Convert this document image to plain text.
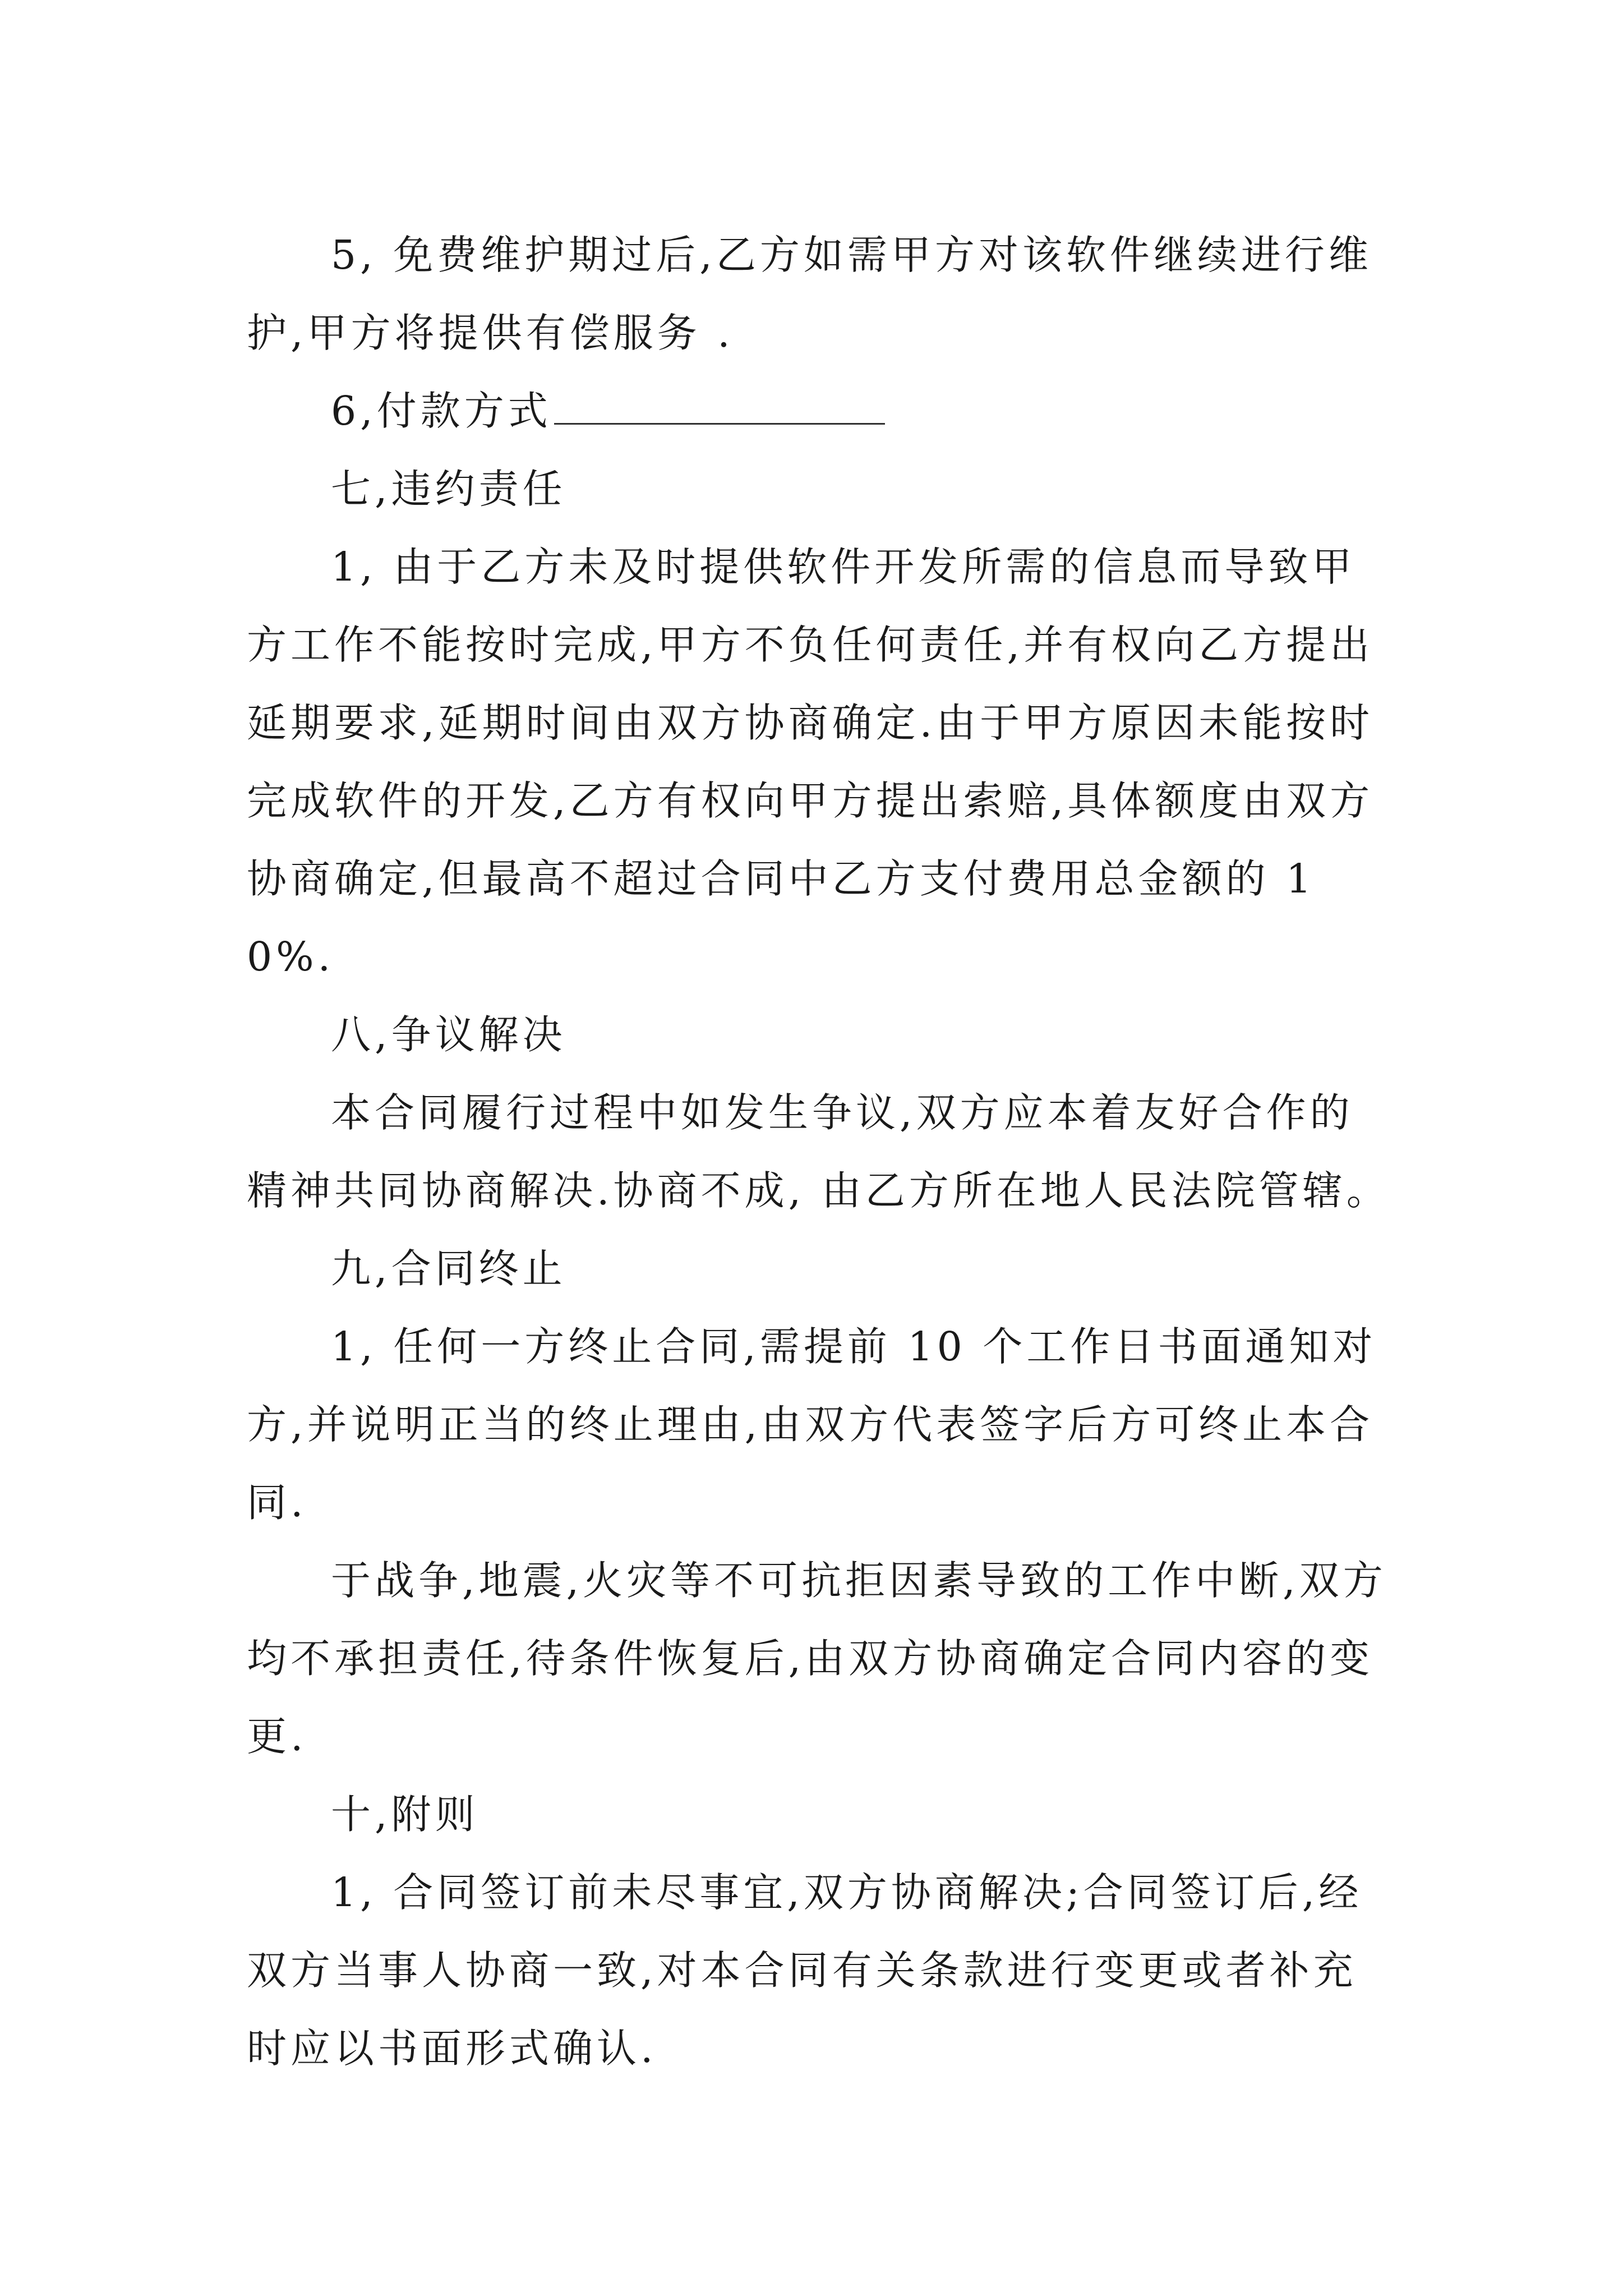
5, 免费维护期过后,乙方如需甲方对该软件继续进行维护,甲方将提供有偿服务 .

6,付款方式

七,违约责任

1, 由于乙方未及时提供软件开发所需的信息而导致甲方工作不能按时完成,甲方不负任何责任,并有权向乙方提出延期要求,延期时间由双方协商确定.由于甲方原因未能按时完成软件的开发,乙方有权向甲方提出索赔,具体额度由双方协商确定,但最高不超过合同中乙方支付费用总金额的 10%.

八,争议解决

本合同履行过程中如发生争议,双方应本着友好合作的精神共同协商解决.协商不成, 由乙方所在地人民法院管辖。

九,合同终止

1, 任何一方终止合同,需提前 10 个工作日书面通知对方,并说明正当的终止理由,由双方代表签字后方可终止本合同.

于战争,地震,火灾等不可抗拒因素导致的工作中断,双方均不承担责任,待条件恢复后,由双方协商确定合同内容的变更.

十,附则

1, 合同签订前未尽事宜,双方协商解决;合同签订后,经双方当事人协商一致,对本合同有关条款进行变更或者补充时应以书面形式确认.
